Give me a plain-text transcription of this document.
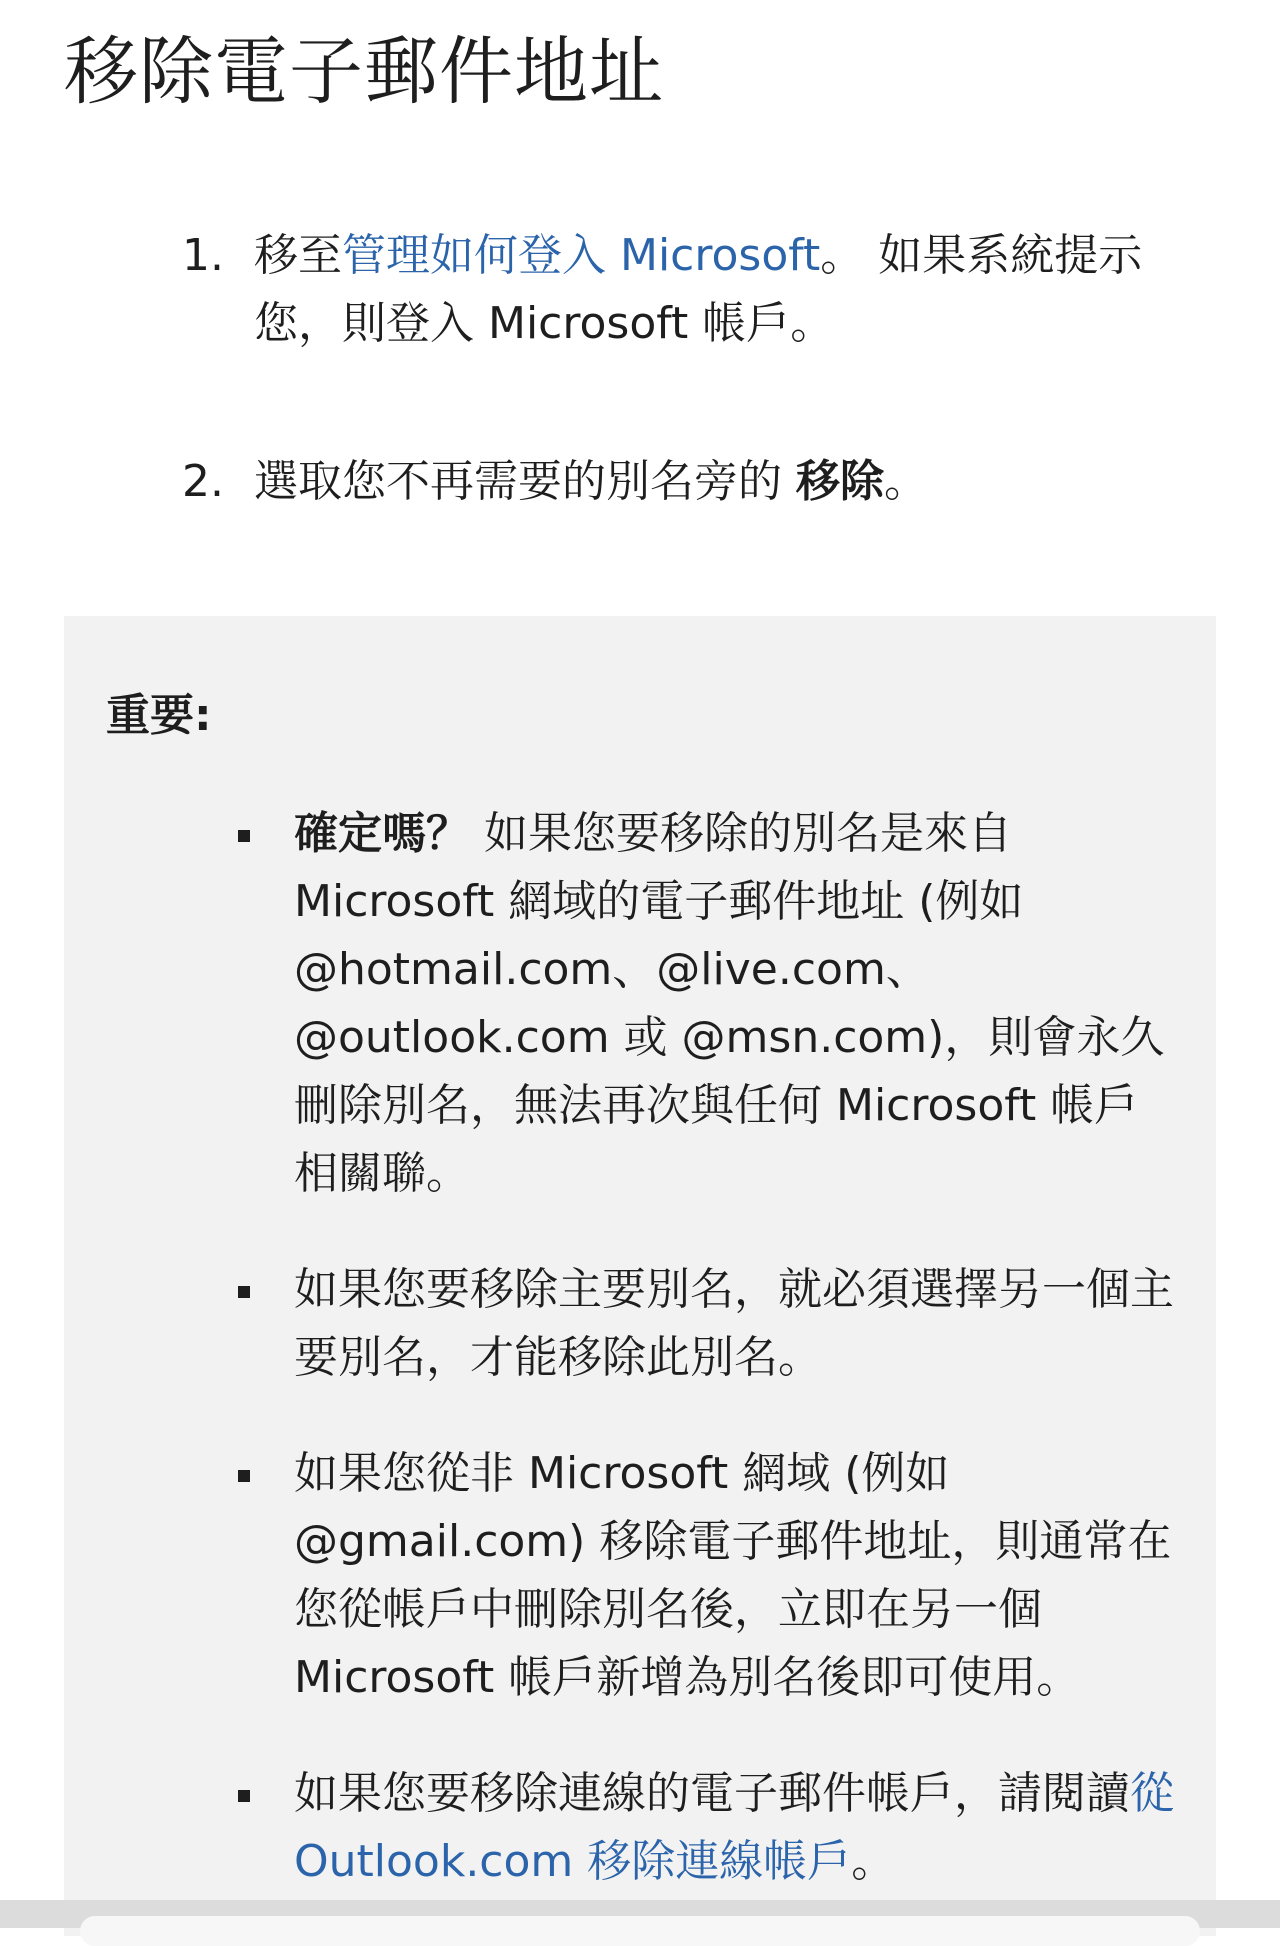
移除電子郵件地址
1. 移至管理如何登入 Microsoft。 如果系統提示您，則登入 Microsoft 帳戶。
2. 選取您不再需要的別名旁的 移除。

重要:

確定嗎？ 如果您要移除的別名是來自 Microsoft 網域的電子郵件地址 (例如 @hotmail.com、@live.com、@outlook.com 或 @msn.com)，則會永久刪除別名，無法再次與任何 Microsoft 帳戶相關聯。
如果您要移除主要別名，就必須選擇另一個主要別名，才能移除此別名。
如果您從非 Microsoft 網域 (例如 @gmail.com) 移除電子郵件地址，則通常在您從帳戶中刪除別名後，立即在另一個 Microsoft 帳戶新增為別名後即可使用。
如果您要移除連線的電子郵件帳戶，請閱讀從 Outlook.com 移除連線帳戶。
